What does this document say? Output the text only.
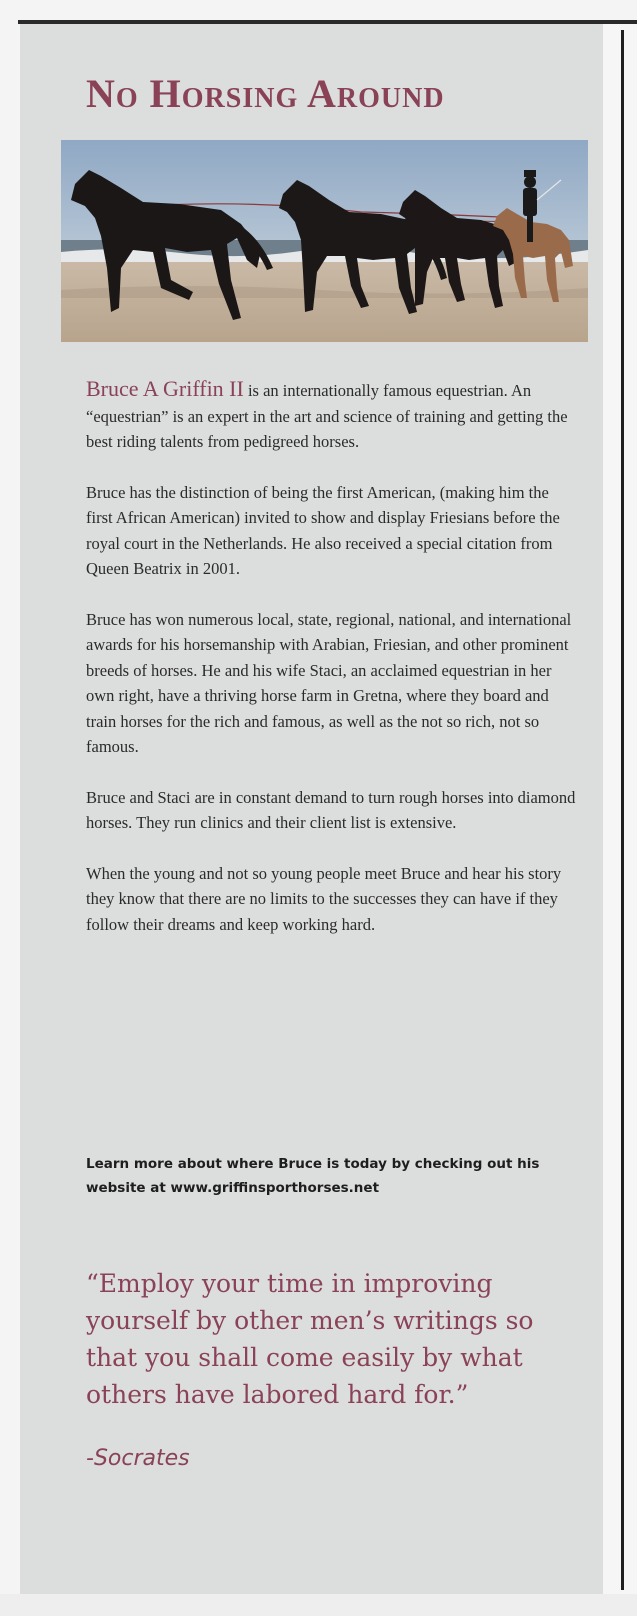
No Horsing Around

Bruce A Griffin II is an internationally famous equestrian. An “equestrian” is an expert in the art and science of training and getting the best riding talents from pedigreed horses.

Bruce has the distinction of being the first American, (making him the first African American) invited to show and display Friesians before the royal court in the Netherlands. He also received a special citation from Queen Beatrix in 2001.

Bruce has won numerous local, state, regional, national, and international awards for his horsemanship with Arabian, Friesian, and other prominent breeds of horses. He and his wife Staci, an acclaimed equestrian in her own right, have a thriving horse farm in Gretna, where they board and train horses for the rich and famous, as well as the not so rich, not so famous.

Bruce and Staci are in constant demand to turn rough horses into diamond horses. They run clinics and their client list is extensive.

When the young and not so young people meet Bruce and hear his story they know that there are no limits to the successes they can have if they follow their dreams and keep working hard.

Learn more about where Bruce is today by checking out his website at www.griffinsporthorses.net

“Employ your time in improving yourself by other men’s writings so that you shall come easily by what others have labored hard for.”

-Socrates
